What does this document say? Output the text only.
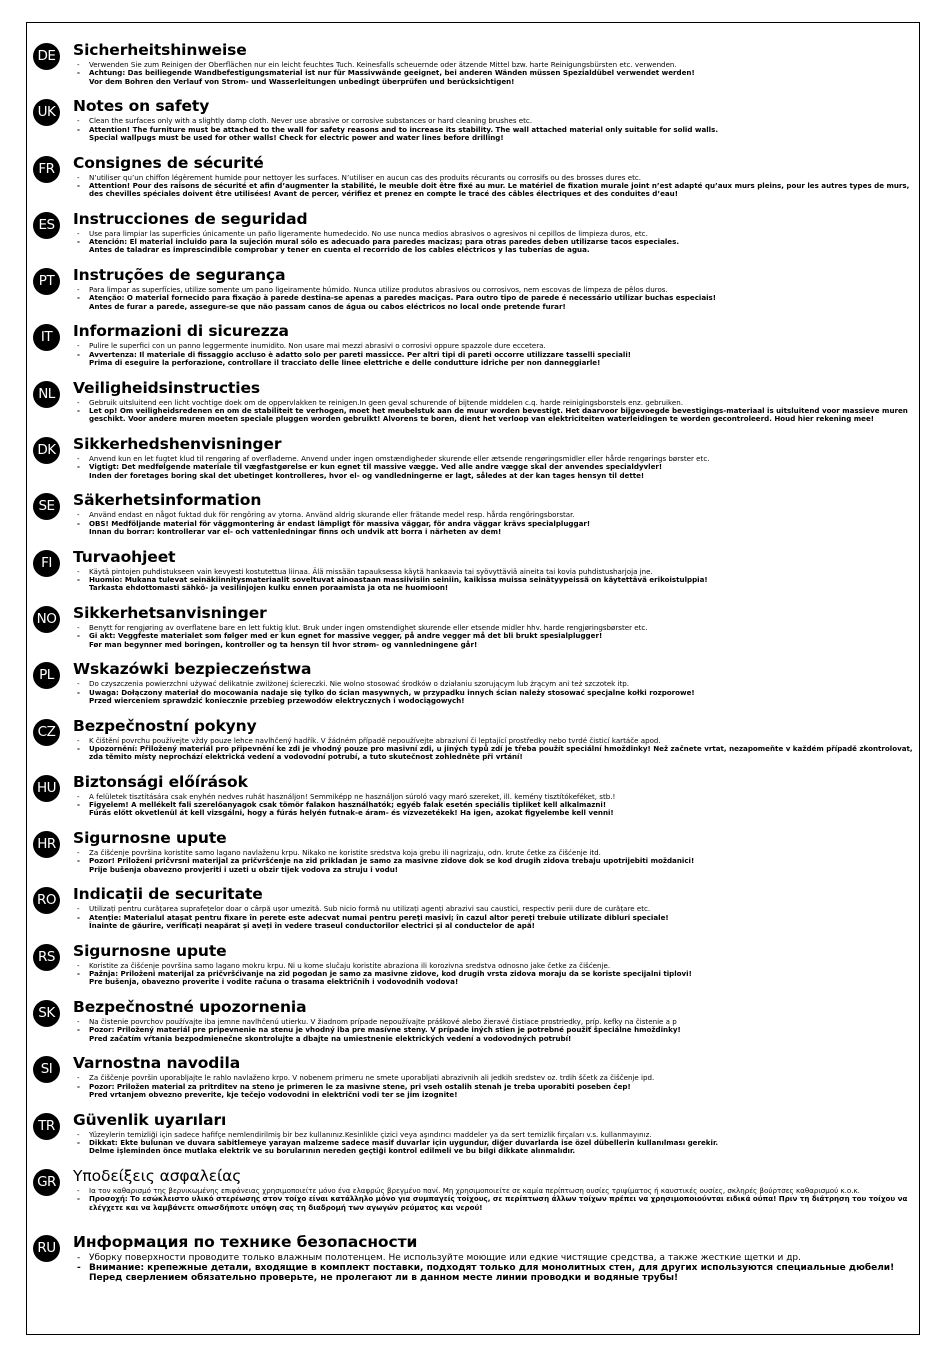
DE Sicherheitshinweise
- Verwenden Sie zum Reinigen der Oberflächen nur ein leicht feuchtes Tuch. Keinesfalls scheuernde oder ätzende Mittel bzw. harte Reinigungsbürsten etc. verwenden.
- Achtung: Das beiliegende Wandbefestigungsmaterial ist nur für Massivwände geeignet, bei anderen Wänden müssen Spezialdübel verwendet werden!
Vor dem Bohren den Verlauf von Strom- und Wasserleitungen unbedingt überprüfen und berücksichtigen!
UK Notes on safety
- Clean the surfaces only with a slightly damp cloth. Never use abrasive or corrosive substances or hard cleaning brushes etc.
- Attention! The furniture must be attached to the wall for safety reasons and to increase its stability. The wall attached material only suitable for solid walls.
Special wallpugs must be used for other walls! Check for electric power and water lines before drilling!
FR	Consignes de sécurité
- N’utiliser qu’un chiffon légèrement humide pour nettoyer les surfaces. N’utiliser en aucun cas des produits récurants ou corrosifs ou des brosses dures etc.
- Attention! Pour des raisons de sécurité et afin d’augmenter la stabilité, le meuble doit être fixé au mur. Le matériel de fixation murale joint n’est adapté qu’aux murs pleins, pour les autres types de murs, des chevilles spéciales doivent être utilisées! Avant de percer, vérifiez et prenez en compte le tracé des câbles électriques et des conduites d’eau!
ES	Instrucciones de seguridad
- Use para limpiar las superficies únicamente un paño ligeramente humedecido. No use nunca medios abrasivos o agresivos ni cepillos de limpieza duros, etc.
- Atención: El material incluido para la sujeción mural sólo es adecuado para paredes macizas; para otras paredes deben utilizarse tacos especiales.
Antes de taladrar es imprescindible comprobar y tener en cuenta el recorrido de los cables eléctricos y las tuberías de agua.
PT	Instruções de segurança
- Para limpar as superfícies, utilize somente um pano ligeiramente húmido. Nunca utilize produtos abrasivos ou corrosivos, nem escovas de limpeza de pêlos duros.
- Atenção: O material fornecido para fixação à parede destina-se apenas a paredes maciças. Para outro tipo de parede é necessário utilizar buchas especiais!
Antes de furar a parede, assegure-se que não passam canos de água ou cabos eléctricos no local onde pretende furar!
IT	Informazioni di sicurezza
- Pulire le superfici con un panno leggermente inumidito. Non usare mai mezzi abrasivi o corrosivi oppure spazzole dure eccetera.
- Avvertenza: Il materiale di fissaggio accluso è adatto solo per pareti massicce. Per altri tipi di pareti occorre utilizzare tasselli speciali!
Prima di eseguire la perforazione, controllare il tracciato delle linee elettriche e delle condutture idriche per non danneggiarle!
NL	Veiligheidsinstructies
- Gebruik uitsluitend een licht vochtige doek om de oppervlakken te reinigen.In geen geval schurende of bijtende middelen c.q. harde reinigingsborstels enz. gebruiken.
- Let op! Om veiligheidsredenen en om de stabiliteit te verhogen, moet het meubelstuk aan de muur worden bevestigt. Het daarvoor bijgevoegde bevestigings-materiaal is uitsluitend voor massieve muren geschikt. Voor andere muren moeten speciale pluggen worden gebruikt! Alvorens te boren, dient het verloop van elektriciteiten waterleidingen te worden gecontroleerd. Houd hier rekening mee!
DK Sikkerhedshenvisninger
- Anvend kun en let fugtet klud til rengøring af overfladerne. Anvend under ingen omstændigheder skurende eller ætsende rengøringsmidler eller hårde rengørings børster etc.
- Vigtigt: Det medfølgende materiale til vægfastgørelse er kun egnet til massive vægge. Ved alle andre vægge skal der anvendes specialdyvler!
Inden der foretages boring skal det ubetinget kontrolleres, hvor el- og vandledningerne er lagt, således at der kan tages hensyn til dette!
SE	Säkerhetsinformation
- Använd endast en något fuktad duk för rengöring av ytorna. Använd aldrig skurande eller frätande medel resp. hårda rengöringsborstar.
- OBS! Medföljande material för väggmontering är endast lämpligt för massiva väggar, för andra väggar krävs specialpluggar!
Innan du borrar: kontrollerar var el- och vattenledningar finns och undvik att borra i närheten av dem!
FI	Turvaohjeet
- Käytä pintojen puhdistukseen vain kevyesti kostutettua liinaa. Älä missään tapauksessa käytä hankaavia tai syövyttäviä aineita tai kovia puhdistusharjoja jne.
- Huomio: Mukana tulevat seinäkiinnitysmateriaalit soveltuvat ainoastaan massiivisiin seiniin, kaikissa muissa seinätyypeissä on käytettävä erikoistulppia!
Tarkasta ehdottomasti sähkö- ja vesilinjojen kulku ennen poraamista ja ota ne huomioon!
NO Sikkerhetsanvisninger
- Benytt for rengjøring av overflatene bare en lett fuktig klut. Bruk under ingen omstendighet skurende eller etsende midler hhv. harde rengjøringsbørster etc.
- Gi akt: Veggfeste materialet som følger med er kun egnet for massive vegger, på andre vegger må det bli brukt spesialplugger!
Før man begynner med boringen, kontroller og ta hensyn til hvor strøm- og vannledningene går!
PL	Wskazówki bezpieczeństwa
- Do czyszczenia powierzchni używać delikatnie zwilżonej ściereczki. Nie wolno stosować środków o działaniu szorującym lub żrącym ani też szczotek itp.
- Uwaga: Dołączony materiał do mocowania nadaje się tylko do ścian masywnych, w przypadku innych ścian należy stosować specjalne kołki rozporowe!
Przed wierceniem sprawdzić koniecznie przebieg przewodów elektrycznych i wodociągowych!
CZ	Bezpečnostní pokyny
- K čištění povrchu používejte vždy pouze lehce navlhčený hadřík. V žádném případě nepoužívejte abrazivní či leptající prostředky nebo tvrdé čisticí kartáče apod.
- Upozornění: Přiložený materiál pro připevnění ke zdi je vhodný pouze pro masivní zdi, u jiných typů zdí je třeba použít speciální hmoždinky! Než začnete vrtat, nezapomeňte v každém případě zkontrolovat, zda těmito místy neprochází elektrická vedení a vodovodní potrubí, a tuto skutečnost zohledněte při vrtání!
HU Biztonsági előírások
- A felületek tisztítására csak enyhén nedves ruhát használjon! Semmiképp ne használjon súroló vagy maró szereket, ill. kemény tisztítókeféket, stb.!
- Figyelem! A mellékelt fali szerelőanyagok csak tömör falakon használhatók; egyéb falak esetén speciális tipliket kell alkalmazni!
Fúrás előtt okvetlenül át kell vizsgálni, hogy a fúrás helyén futnak-e áram- és vízvezetékek! Ha igen, azokat figyelembe kell venni!
HR Sigurnosne upute
- Za čišćenje površina koristite samo lagano navlaženu krpu. Nikako ne koristite sredstva koja grebu ili nagrizaju, odn. krute četke za čišćenje itd.
- Pozor! Priloženi pričvrsni materijal za pričvršćenje na zid prikladan je samo za masivne zidove dok se kod drugih zidova trebaju upotrijebiti moždanici!
Prije bušenja obavezno provjeriti i uzeti u obzir tijek vodova za struju i vodu!
RO Indicații de securitate
- Utilizați pentru curățarea suprafețelor doar o cârpă ușor umezită. Sub nicio formă nu utilizați agenți abrazivi sau caustici, respectiv perii dure de curățare etc.
- Atenție: Materialul atașat pentru fixare în perete este adecvat numai pentru pereți masivi; în cazul altor pereți trebuie utilizate dibluri speciale!
Înainte de găurire, verificați neapărat și aveți în vedere traseul conductorilor electrici și al conductelor de apă!
RS	Sigurnosne upute
- Koristite za čišćenje površina samo lagano mokru krpu. Ni u kome slučaju koristite abraziona ili korozivna sredstva odnosno jake četke za čišćenje.
- Pažnja: Priloženi materijal za pričvršćivanje na zid pogodan je samo za masivne zidove, kod drugih vrsta zidova moraju da se koriste specijalni tiplovi!
Pre bušenja, obavezno proverite i vodite računa o trasama električnih i vodovodnih vodova!
SK	Bezpečnostné upozornenia
- Na čistenie povrchov používajte iba jemne navlhčenú utierku. V žiadnom prípade nepoužívajte práškové alebo žieravé čistiace prostriedky, príp. kefky na čistenie a p
- Pozor: Priložený materiál pre pripevnenie na stenu je vhodný iba pre masívne steny. V prípade iných stien je potrebné použiť špeciálne hmoždinky!
Pred začatím vŕtania bezpodmienečne skontrolujte a dbajte na umiestnenie elektrických vedení a vodovodných potrubí!
SI	Varnostna navodila
- Za čiščenje površin uporabljajte le rahlo navlaženo krpo. V nobenem primeru ne smete uporabljati abrazivnih ali jedkih sredstev oz. trdih ščetk za čiščenje ipd.
- Pozor: Priložen material za pritrditev na steno je primeren le za masivne stene, pri vseh ostalih stenah je treba uporabiti poseben čep!
Pred vrtanjem obvezno preverite, kje tečejo vodovodni in električni vodi ter se jim izognite!
TR	Güvenlik uyarıları
- Yüzeylerin temizliği için sadece hafifçe nemlendirilmiş bir bez kullanınız.Kesinlikle çizici veya aşındırıcı maddeler ya da sert temizlik fırçaları v.s. kullanmayınız.
- Dikkat: Ekte bulunan ve duvara sabitlemeye yarayan malzeme sadece masif duvarlar için uygundur, diğer duvarlarda ise özel dübellerin kullanılması gerekir.
Delme işleminden önce mutlaka elektrik ve su borularının nereden geçtiği kontrol edilmeli ve bu bilgi dikkate alınmalıdır.
GR Υποδείξεις ασφαλείας
- Ια τον καθαρισμό της βερνικωμένης επιφάνειας χρησιμοποιείτε μόνο ένα ελαφρώς βρεγμένο πανί. Μη χρησιμοποιείτε σε καμία περίπτωση ουσίες τριψίματος ή καυστικές ουσίες, σκληρές βούρτσες καθαρισμού κ.ο.κ.
- Προσοχή: Το εσώκλειστο υλικό στερέωσης στον τοίχο είναι κατάλληλο μόνο για συμπαγείς τοίχους, σε περίπτωση άλλων τοίχων πρέπει να χρησιμοποιούνται ειδικά ούπα! Πριν τη διάτρηση του τοίχου να ελέγχετε και να λαμβάνετε οπωσδήποτε υπόψη σας τη διαδρομή των αγωγών ρεύματος και νερού!
RU Информация по технике безопасности
- Уборку поверхности проводите только влажным полотенцем. Не используйте моющие или едкие чистящие средства, а также жесткие щетки и др.
- Внимание: крепежные детали, входящие в комплект поставки, подходят только для монолитных стен, для других используются специальные дюбели!
Перед сверлением обязательно проверьте, не пролегают ли в данном месте линии проводки и водяные трубы!
